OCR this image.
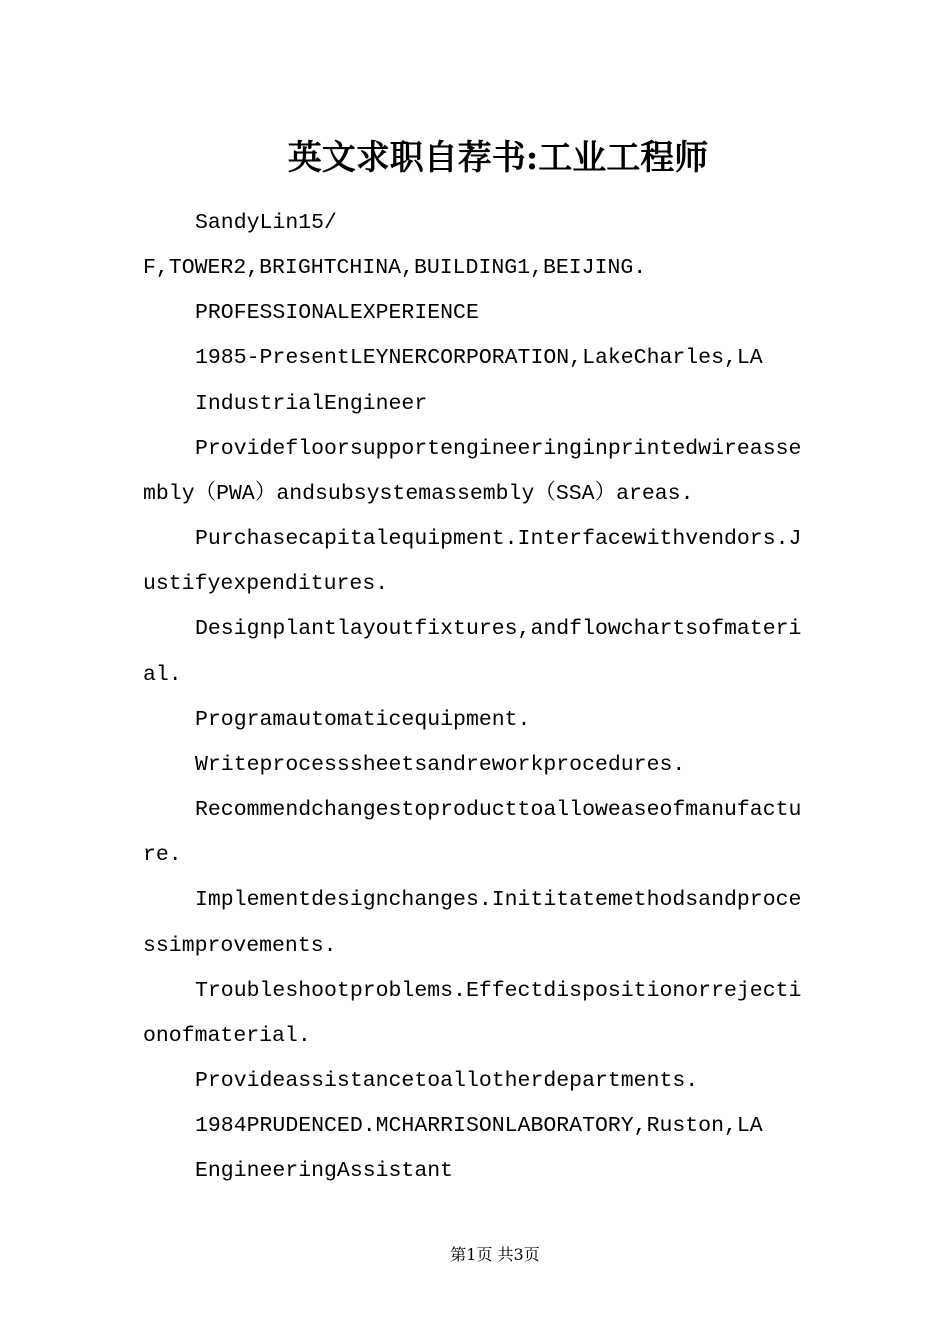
英文求职自荐书:工业工程师

SandyLin15/

F,TOWER2,BRIGHTCHINA,BUILDING1,BEIJING.

PROFESSIONALEXPERIENCE

1985-PresentLEYNERCORPORATION,LakeCharles,LA

IndustrialEngineer

Providefloorsupportengineeringinprintedwireassembly（PWA）andsubsystemassembly（SSA）areas.

Purchasecapitalequipment.Interfacewithvendors.Justifyexpenditures.

Designplantlayoutfixtures,andflowchartsofmaterial.

Programautomaticequipment.

Writeprocesssheetsandreworkprocedures.

Recommendchangestoproducttoalloweaseofmanufacture.

Implementdesignchanges.Inititatemethodsandprocessimprovements.

Troubleshootproblems.Effectdispositionorrejectionofmaterial.

Provideassistancetoallotherdepartments.

1984PRUDENCED.MCHARRISONLABORATORY,Ruston,LA

EngineeringAssistant

第1页 共3页
